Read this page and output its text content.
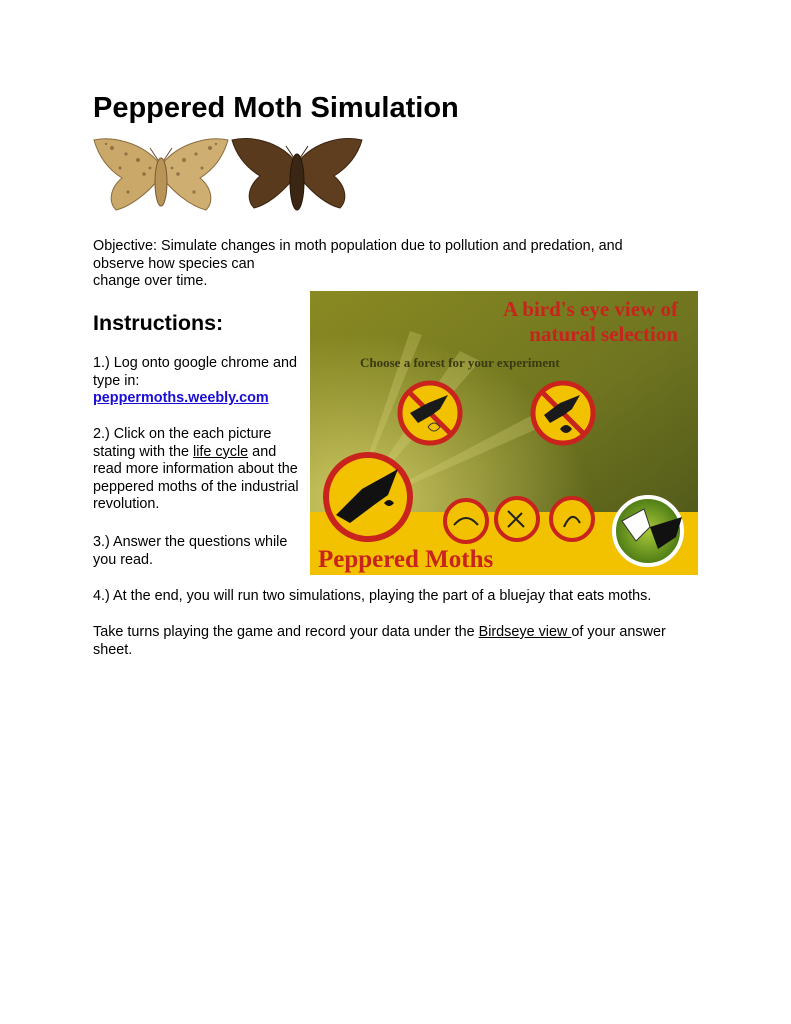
Peppered Moth Simulation

Objective: Simulate changes in moth population due to pollution and predation, and
observe how species can
change over time.

Instructions:

1.) Log onto google chrome and type in:
peppermoths.weebly.com

2.) Click on the each picture stating with the life cycle and read more information about the peppered moths of the industrial revolution.

3.) Answer the questions while you read.

4.) At the end, you will run two simulations, playing the part of a bluejay that eats moths.

Take turns playing the game and record your data under the Birdseye view of your answer sheet.

A bird's eye view of
natural selection
Choose a forest for your experiment
Peppered Moths
